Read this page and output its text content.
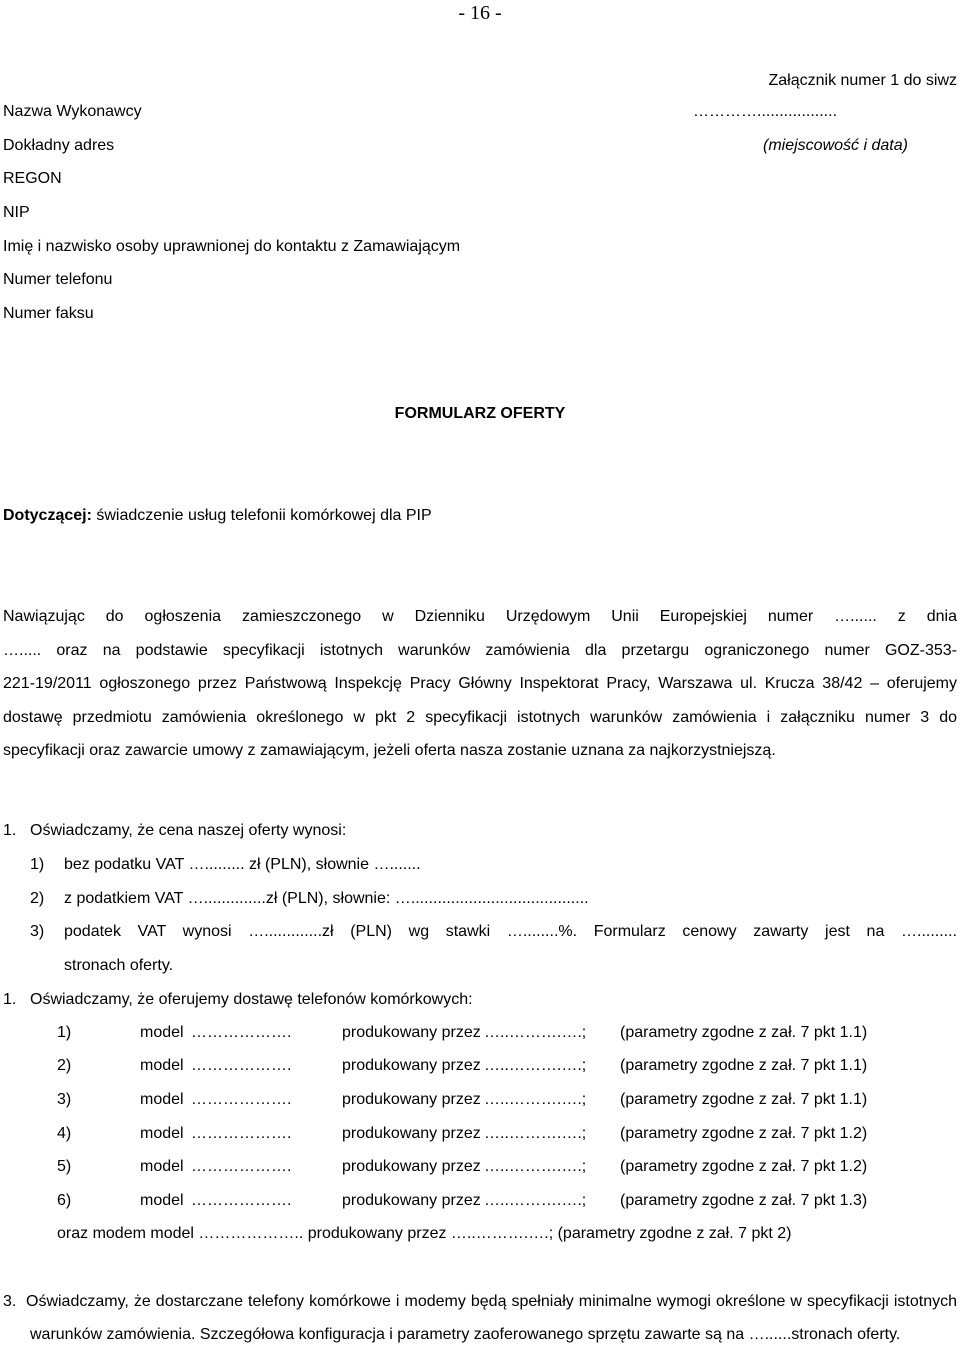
- 16 -
Załącznik numer 1 do siwz
Nazwa Wykonawcy	…………..................
Dokładny adres	(miejscowość i data)
REGON
NIP
Imię i nazwisko osoby uprawnionej do kontaktu z Zamawiającym
Numer telefonu
Numer faksu
FORMULARZ OFERTY
Dotyczącej: świadczenie usług telefonii komórkowej dla PIP
Nawiązując do ogłoszenia zamieszczonego w Dzienniku Urzędowym Unii Europejskiej numer …...... z dnia
…..... oraz na podstawie specyfikacji istotnych warunków zamówienia dla przetargu ograniczonego numer GOZ-353-
221-19/2011 ogłoszonego przez Państwową Inspekcję Pracy Główny Inspektorat Pracy, Warszawa ul. Krucza 38/42 – oferujemy
dostawę przedmiotu zamówienia określonego w pkt 2 specyfikacji istotnych warunków zamówienia i załączniku numer 3 do
specyfikacji oraz zawarcie umowy z zamawiającym, jeżeli oferta nasza zostanie uznana za najkorzystniejszą.
1. Oświadczamy, że cena naszej oferty wynosi:
1) bez podatku VAT …......... zł (PLN), słownie ….......
2) z podatkiem VAT …..............zł (PLN), słownie: …........................................
3) podatek VAT wynosi ….............zł (PLN) wg stawki …........%. Formularz cenowy zawarty jest na ….........
stronach oferty.
1. Oświadczamy, że oferujemy dostawę telefonów komórkowych:
1)	model ……………….	produkowany przez …..……….….; (parametry zgodne z zał. 7 pkt 1.1)
2)	model ……………….	produkowany przez …..……….….; (parametry zgodne z zał. 7 pkt 1.1)
3)	model ……………….	produkowany przez …..……….….; (parametry zgodne z zał. 7 pkt 1.1)
4)	model ……………….	produkowany przez …..……….….; (parametry zgodne z zał. 7 pkt 1.2)
5)	model ……………….	produkowany przez …..……….….; (parametry zgodne z zał. 7 pkt 1.2)
6)	model ……………….	produkowany przez …..……….….; (parametry zgodne z zał. 7 pkt 1.3)
oraz modem model ……………….. produkowany przez …..……….….; (parametry zgodne z zał. 7 pkt 2)
3. Oświadczamy, że dostarczane telefony komórkowe i modemy będą spełniały minimalne wymogi określone w specyfikacji istotnych
warunków zamówienia. Szczegółowa konfiguracja i parametry zaoferowanego sprzętu zawarte są na …......stronach oferty.
